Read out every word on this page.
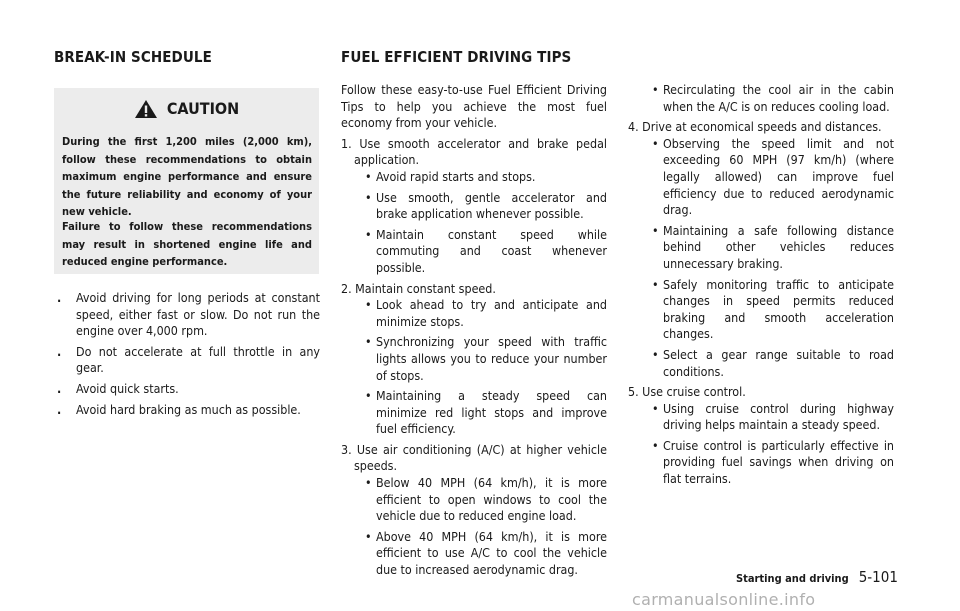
BREAK-IN SCHEDULE
CAUTION
During the first 1,200 miles (2,000 km), follow these recommendations to obtain maximum engine performance and ensure the future reliability and economy of your new vehicle.
Failure to follow these recommendations may result in shortened engine life and reduced engine performance.
. Avoid driving for long periods at constant speed, either fast or slow. Do not run the engine over 4,000 rpm.
. Do not accelerate at full throttle in any gear.
. Avoid quick starts.
. Avoid hard braking as much as possible.
FUEL EFFICIENT DRIVING TIPS
Follow these easy-to-use Fuel Efficient Driving Tips to help you achieve the most fuel economy from your vehicle.
1. Use smooth accelerator and brake pedal application.
• Avoid rapid starts and stops.
• Use smooth, gentle accelerator and brake application whenever possible.
• Maintain constant speed while commuting and coast whenever possible.
2. Maintain constant speed.
• Look ahead to try and anticipate and minimize stops.
• Synchronizing your speed with traffic lights allows you to reduce your number of stops.
• Maintaining a steady speed can minimize red light stops and improve fuel efficiency.
3. Use air conditioning (A/C) at higher vehicle speeds.
• Below 40 MPH (64 km/h), it is more efficient to open windows to cool the vehicle due to reduced engine load.
• Above 40 MPH (64 km/h), it is more efficient to use A/C to cool the vehicle due to increased aerodynamic drag.
• Recirculating the cool air in the cabin when the A/C is on reduces cooling load.
4. Drive at economical speeds and distances.
• Observing the speed limit and not exceeding 60 MPH (97 km/h) (where legally allowed) can improve fuel efficiency due to reduced aerodynamic drag.
• Maintaining a safe following distance behind other vehicles reduces unnecessary braking.
• Safely monitoring traffic to anticipate changes in speed permits reduced braking and smooth acceleration changes.
• Select a gear range suitable to road conditions.
5. Use cruise control.
• Using cruise control during highway driving helps maintain a steady speed.
• Cruise control is particularly effective in providing fuel savings when driving on flat terrains.
Starting and driving 5-101
carmanualsonline.info
